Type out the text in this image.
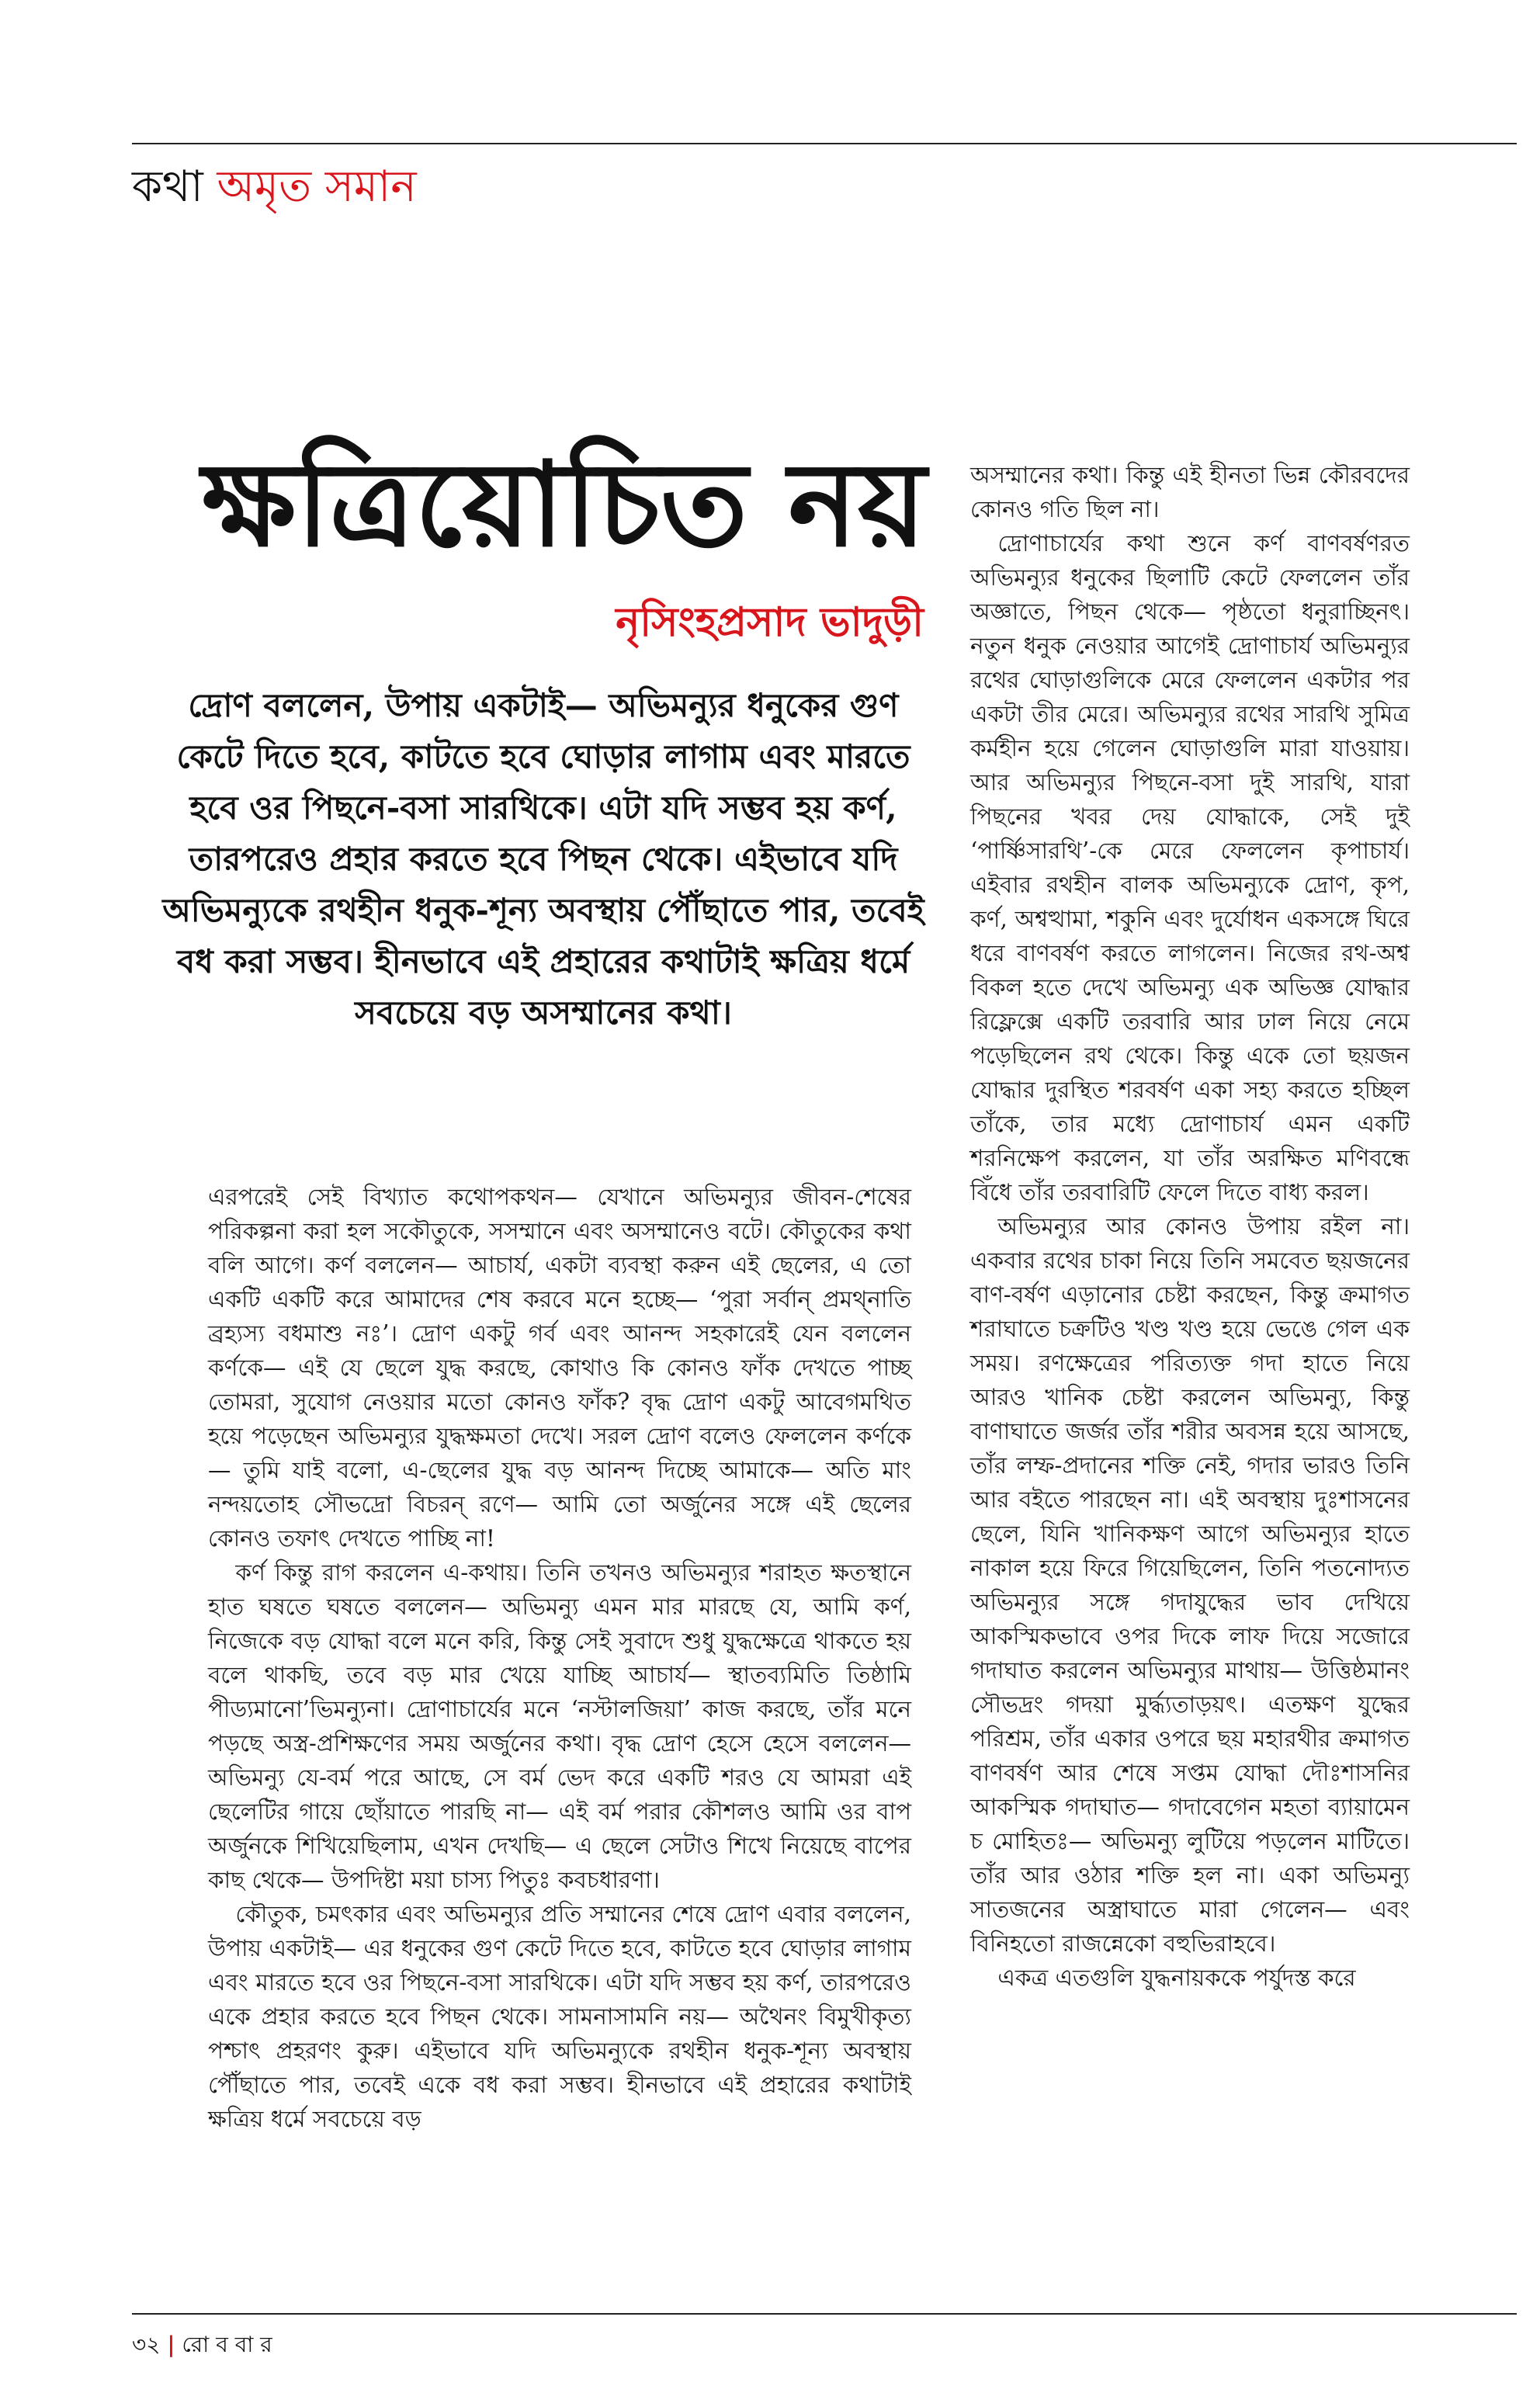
কথা অমৃত সমান
ক্ষত্রিয়োচিত নয়
নৃসিংহপ্রসাদ ভাদুড়ী
দ্রোণ বললেন, উপায় একটাই— অভিমন্যুর ধনুকের গুণ কেটে দিতে হবে, কাটতে হবে ঘোড়ার লাগাম এবং মারতে হবে ওর পিছনে-বসা সারথিকে। এটা যদি সম্ভব হয় কর্ণ, তারপরেও প্রহার করতে হবে পিছন থেকে। এইভাবে যদি অভিমন্যুকে রথহীন ধনুক-শূন্য অবস্থায় পৌঁছাতে পার, তবেই বধ করা সম্ভব। হীনভাবে এই প্রহারের কথাটাই ক্ষত্রিয় ধর্মে সবচেয়ে বড় অসম্মানের কথা।

এরপরেই সেই বিখ্যাত কথোপকথন— যেখানে অভিমন্যুর জীবন-শেষের পরিকল্পনা করা হল সকৌতুকে, সসম্মানে এবং অসম্মানেও বটে। কৌতুকের কথা বলি আগে। কর্ণ বললেন— আচার্য, একটা ব্যবস্থা করুন এই ছেলের, এ তো একটি একটি করে আমাদের শেষ করবে মনে হচ্ছে— ‘পুরা সর্বান্ প্রমথ্নাতি ব্রহ্যস্য বধমাশু নঃ’। দ্রোণ একটু গর্ব এবং আনন্দ সহকারেই যেন বললেন কর্ণকে— এই যে ছেলে যুদ্ধ করছে, কোথাও কি কোনও ফাঁক দেখতে পাচ্ছ তোমরা, সুযোগ নেওয়ার মতো কোনও ফাঁক? বৃদ্ধ দ্রোণ একটু আবেগমথিত হয়ে পড়েছেন অভিমন্যুর যুদ্ধক্ষমতা দেখে। সরল দ্রোণ বলেও ফেললেন কর্ণকে— তুমি যাই বলো, এ-ছেলের যুদ্ধ বড় আনন্দ দিচ্ছে আমাকে— অতি মাং নন্দয়তোহ সৌভদ্রো বিচরন্ রণে— আমি তো অর্জুনের সঙ্গে এই ছেলের কোনও তফাৎ দেখতে পাচ্ছি না!

কর্ণ কিন্তু রাগ করলেন এ-কথায়। তিনি তখনও অভিমন্যুর শরাহত ক্ষতস্থানে হাত ঘষতে ঘষতে বললেন— অভিমন্যু এমন মার মারছে যে, আমি কর্ণ, নিজেকে বড় যোদ্ধা বলে মনে করি, কিন্তু সেই সুবাদে শুধু যুদ্ধক্ষেত্রে থাকতে হয় বলে থাকছি, তবে বড় মার খেয়ে যাচ্ছি আচার্য— স্থাতব্যমিতি তিষ্ঠামি পীড্যমানো’ভিমন্যুনা। দ্রোণাচার্যের মনে ‘নস্টালজিয়া’ কাজ করছে, তাঁর মনে পড়ছে অস্ত্র-প্রশিক্ষণের সময় অর্জুনের কথা। বৃদ্ধ দ্রোণ হেসে হেসে বললেন— অভিমন্যু যে-বর্ম পরে আছে, সে বর্ম ভেদ করে একটি শরও যে আমরা এই ছেলেটির গায়ে ছোঁয়াতে পারছি না— এই বর্ম পরার কৌশলও আমি ওর বাপ অর্জুনকে শিখিয়েছিলাম, এখন দেখছি— এ ছেলে সেটাও শিখে নিয়েছে বাপের কাছ থেকে— উপদিষ্টা ময়া চাস্য পিতুঃ কবচধারণা।

কৌতুক, চমৎকার এবং অভিমন্যুর প্রতি সম্মানের শেষে দ্রোণ এবার বললেন, উপায় একটাই— এর ধনুকের গুণ কেটে দিতে হবে, কাটতে হবে ঘোড়ার লাগাম এবং মারতে হবে ওর পিছনে-বসা সারথিকে। এটা যদি সম্ভব হয় কর্ণ, তারপরেও একে প্রহার করতে হবে পিছন থেকে। সামনাসামনি নয়— অথৈনং বিমুখীকৃত্য পশ্চাৎ প্রহরণং কুরু। এইভাবে যদি অভিমন্যুকে রথহীন ধনুক-শূন্য অবস্থায় পৌঁছাতে পার, তবেই একে বধ করা সম্ভব। হীনভাবে এই প্রহারের কথাটাই ক্ষত্রিয় ধর্মে সবচেয়ে বড়

অসম্মানের কথা। কিন্তু এই হীনতা ভিন্ন কৌরবদের কোনও গতি ছিল না।

দ্রোণাচার্যের কথা শুনে কর্ণ বাণবর্ষণরত অভিমন্যুর ধনুকের ছিলাটি কেটে ফেললেন তাঁর অজ্ঞাতে, পিছন থেকে— পৃষ্ঠতো ধনুরাচ্ছিনৎ। নতুন ধনুক নেওয়ার আগেই দ্রোণাচার্য অভিমন্যুর রথের ঘোড়াগুলিকে মেরে ফেললেন একটার পর একটা তীর মেরে। অভিমন্যুর রথের সারথি সুমিত্র কর্মহীন হয়ে গেলেন ঘোড়াগুলি মারা যাওয়ায়। আর অভিমন্যুর পিছনে-বসা দুই সারথি, যারা পিছনের খবর দেয় যোদ্ধাকে, সেই দুই ‘পার্ষ্ণিসারথি’-কে মেরে ফেললেন কৃপাচার্য। এইবার রথহীন বালক অভিমন্যুকে দ্রোণ, কৃপ, কর্ণ, অশ্বত্থামা, শকুনি এবং দুর্যোধন একসঙ্গে ঘিরে ধরে বাণবর্ষণ করতে লাগলেন। নিজের রথ-অশ্ব বিকল হতে দেখে অভিমন্যু এক অভিজ্ঞ যোদ্ধার রিফ্লেক্সে একটি তরবারি আর ঢাল নিয়ে নেমে পড়েছিলেন রথ থেকে। কিন্তু একে তো ছয়জন যোদ্ধার দুরস্থিত শরবর্ষণ একা সহ্য করতে হচ্ছিল তাঁকে, তার মধ্যে দ্রোণাচার্য এমন একটি শরনিক্ষেপ করলেন, যা তাঁর অরক্ষিত মণিবন্ধে বিঁধে তাঁর তরবারিটি ফেলে দিতে বাধ্য করল।

অভিমন্যুর আর কোনও উপায় রইল না। একবার রথের চাকা নিয়ে তিনি সমবেত ছয়জনের বাণ-বর্ষণ এড়ানোর চেষ্টা করছেন, কিন্তু ক্রমাগত শরাঘাতে চক্রটিও খণ্ড খণ্ড হয়ে ভেঙে গেল এক সময়। রণক্ষেত্রের পরিত্যক্ত গদা হাতে নিয়ে আরও খানিক চেষ্টা করলেন অভিমন্যু, কিন্তু বাণাঘাতে জর্জর তাঁর শরীর অবসন্ন হয়ে আসছে, তাঁর লম্ফ-প্রদানের শক্তি নেই, গদার ভারও তিনি আর বইতে পারছেন না। এই অবস্থায় দুঃশাসনের ছেলে, যিনি খানিকক্ষণ আগে অভিমন্যুর হাতে নাকাল হয়ে ফিরে গিয়েছিলেন, তিনি পতনোদ্যত অভিমন্যুর সঙ্গে গদাযুদ্ধের ভাব দেখিয়ে আকস্মিকভাবে ওপর দিকে লাফ দিয়ে সজোরে গদাঘাত করলেন অভিমন্যুর মাথায়— উত্তিষ্ঠমানং সৌভদ্রং গদয়া মুর্দ্ধ্যতাড়য়ৎ। এতক্ষণ যুদ্ধের পরিশ্রম, তাঁর একার ওপরে ছয় মহারথীর ক্রমাগত বাণবর্ষণ আর শেষে সপ্তম যোদ্ধা দৌঃশাসনির আকস্মিক গদাঘাত— গদাবেগেন মহতা ব্যায়ামেন চ মোহিতঃ— অভিমন্যু লুটিয়ে পড়লেন মাটিতে। তাঁর আর ওঠার শক্তি হল না। একা অভিমন্যু সাতজনের অস্ত্রাঘাতে মারা গেলেন— এবং বিনিহতো রাজন্নেকো বহুভিরাহবে।

একত্র এতগুলি যুদ্ধনায়ককে পর্যুদস্ত করে

৩২ | রো ব বা র
